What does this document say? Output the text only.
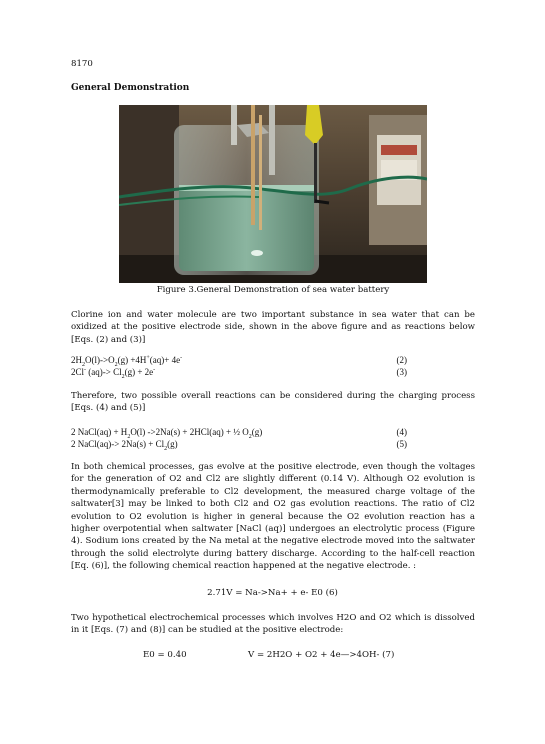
8170
General Demonstration
Figure 3.General Demonstration of sea water battery
Clorine ion and water molecule are two important substance in sea water that can be oxidized at the positive electrode side, shown in the above figure and as reactions below [Eqs. (2) and (3)]
$2H_2O(l)->O_2(g) +4H^+(aq)+ 4e^-$	(2)
2Cl- $(aq)-> Cl_2(g) + 2e^-$	(3)
Therefore, two possible overall reactions can be considered during the charging process [Eqs. (4) and (5)]
2 NaCl(aq) + $H_2O(l) ->2Na(s) + 2HCl(aq)$ + ½ $O_2(g)$	(4)
2 NaCl(aq)-> $2Na(s) + Cl_2(g)$	(5)
In both chemical processes, gas evolve at the positive electrode, even though the voltages for the generation of O2 and Cl2 are slightly different (0.14 V). Although O2 evolution is thermodynamically preferable to Cl2 development, the measured charge voltage of the saltwater[3] may be linked to both Cl2 and O2 gas evolution reactions. The ratio of Cl2 evolution to O2 evolution is higher in general because the O2 evolution reaction has a higher overpotential when saltwater [NaCl (aq)] undergoes an electrolytic process (Figure 4). Sodium ions created by the Na metal at the negative electrode moved into the saltwater through the solid electrolyte during battery discharge. According to the half-cell reaction [Eq. (6)], the following chemical reaction happened at the negative electrode. :
2.71V = Na->Na+ + e- E0 (6)
Two hypothetical electrochemical processes which involves H2O and O2 which is dissolved in it [Eqs. (7) and (8)] can be studied at the positive electrode:
E0 = 0.40	V = 2H2O + O2 + 4e—>4OH- (7)
